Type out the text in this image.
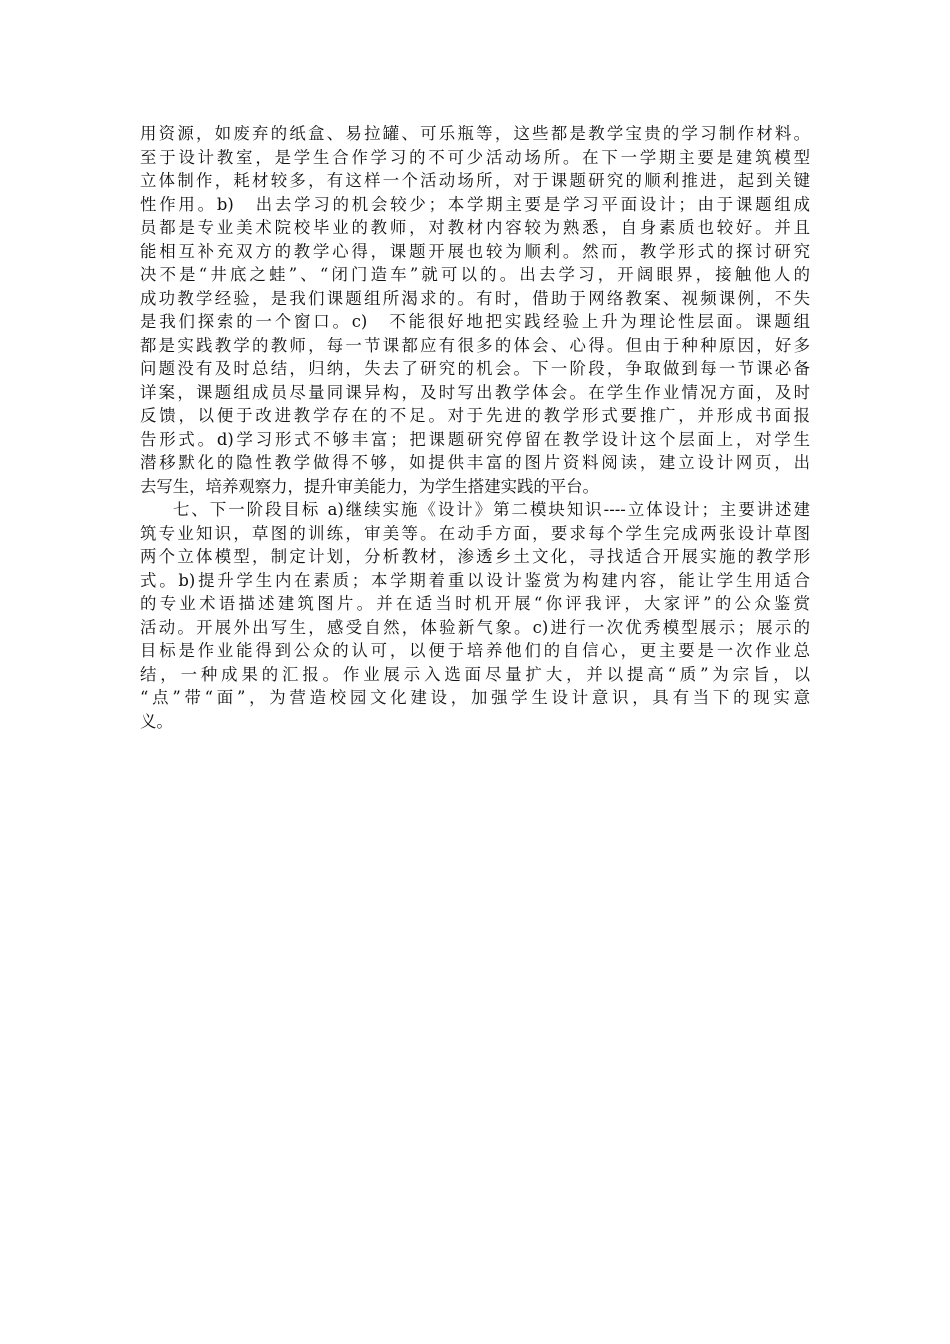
用资源，如废弃的纸盒、易拉罐、可乐瓶等，这些都是教学宝贵的学习制作材料。
至于设计教室，是学生合作学习的不可少活动场所。在下一学期主要是建筑模型
立体制作，耗材较多，有这样一个活动场所，对于课题研究的顺利推进，起到关键
性作用。b)　出去学习的机会较少；本学期主要是学习平面设计；由于课题组成
员都是专业美术院校毕业的教师，对教材内容较为熟悉，自身素质也较好。并且
能相互补充双方的教学心得，课题开展也较为顺利。然而，教学形式的探讨研究
决不是“井底之蛙”、“闭门造车”就可以的。出去学习，开阔眼界，接触他人的
成功教学经验，是我们课题组所渴求的。有时，借助于网络教案、视频课例，不失
是我们探索的一个窗口。c)　不能很好地把实践经验上升为理论性层面。课题组
都是实践教学的教师，每一节课都应有很多的体会、心得。但由于种种原因，好多
问题没有及时总结，归纳，失去了研究的机会。下一阶段，争取做到每一节课必备
详案，课题组成员尽量同课异构，及时写出教学体会。在学生作业情况方面，及时
反馈，以便于改进教学存在的不足。对于先进的教学形式要推广，并形成书面报
告形式。d)学习形式不够丰富；把课题研究停留在教学设计这个层面上，对学生
潜移默化的隐性教学做得不够，如提供丰富的图片资料阅读，建立设计网页，出
去写生，培养观察力，提升审美能力，为学生搭建实践的平台。
七、下一阶段目标 a)继续实施《设计》第二模块知识----立体设计；主要讲述建
筑专业知识，草图的训练，审美等。在动手方面，要求每个学生完成两张设计草图
两个立体模型，制定计划，分析教材，渗透乡土文化，寻找适合开展实施的教学形
式。b)提升学生内在素质；本学期着重以设计鉴赏为构建内容，能让学生用适合
的专业术语描述建筑图片。并在适当时机开展“你评我评，大家评”的公众鉴赏
活动。开展外出写生，感受自然，体验新气象。c)进行一次优秀模型展示；展示的
目标是作业能得到公众的认可，以便于培养他们的自信心，更主要是一次作业总
结，一种成果的汇报。作业展示入选面尽量扩大，并以提高“质”为宗旨，以
“点”带“面”，为营造校园文化建设，加强学生设计意识，具有当下的现实意
义。
